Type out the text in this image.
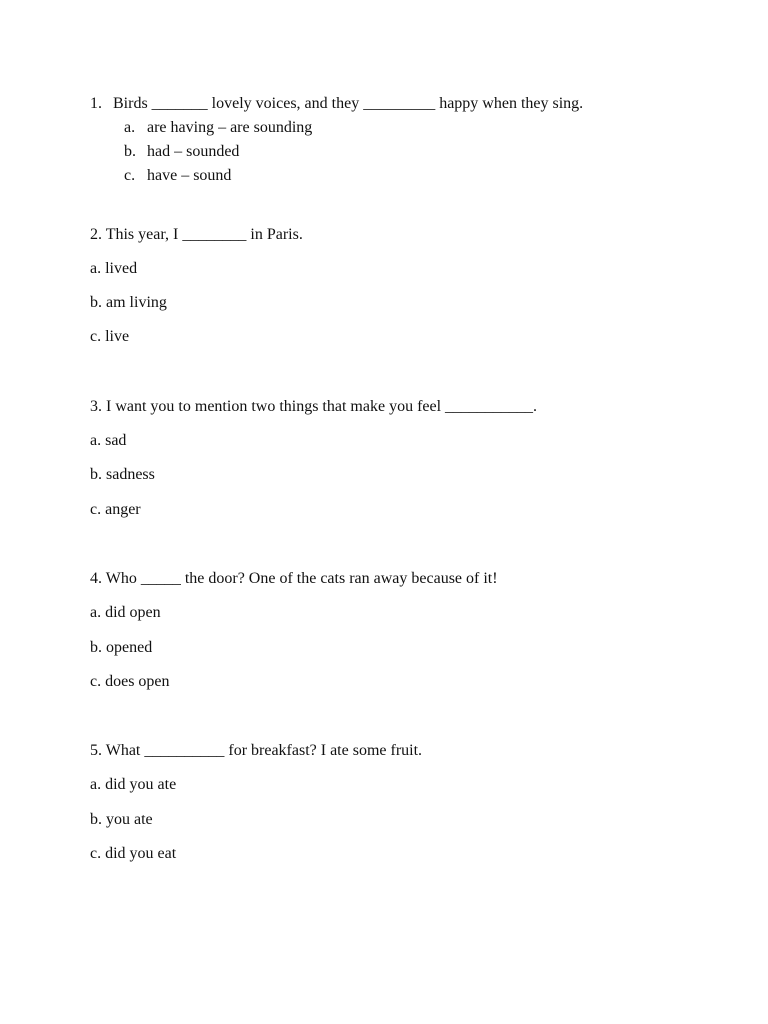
1. Birds _______ lovely voices, and they _________ happy when they sing.
a. are having – are sounding
b. had – sounded
c. have – sound
2. This year, I ________ in Paris.
a. lived
b. am living
c. live
3. I want you to mention two things that make you feel ___________.
a. sad
b. sadness
c. anger
4. Who _____ the door? One of the cats ran away because of it!
a. did open
b. opened
c. does open
5. What __________ for breakfast? I ate some fruit.
a. did you ate
b. you ate
c. did you eat
